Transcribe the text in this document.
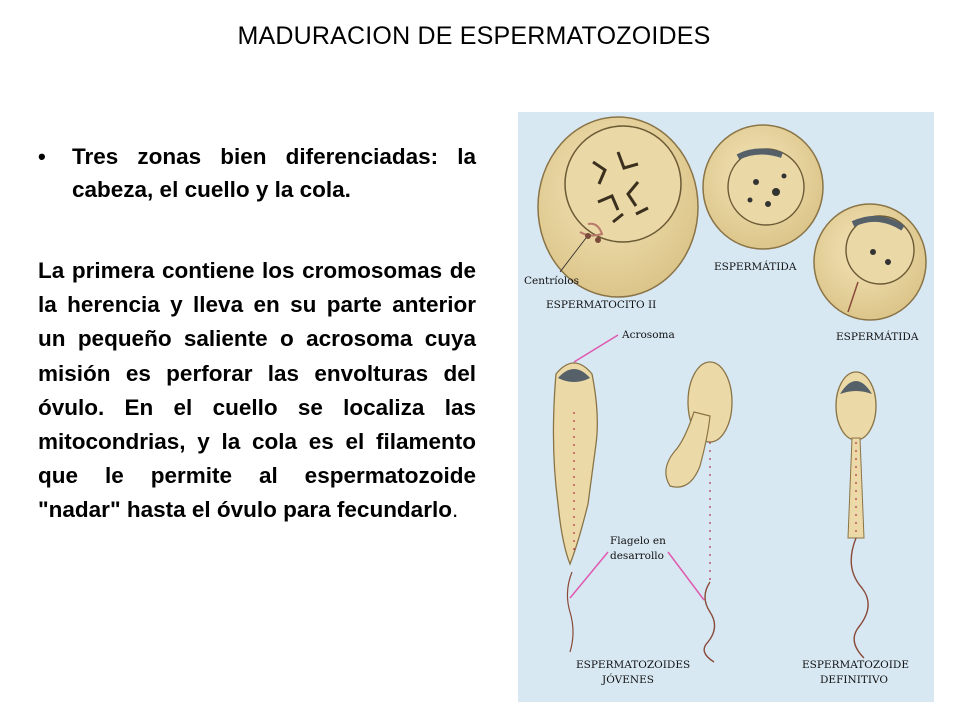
MADURACION DE ESPERMATOZOIDES
• Tres zonas bien diferenciadas: la cabeza, el cuello y la cola.
La primera contiene los cromosomas de la herencia y lleva en su parte anterior un pequeño saliente o acrosoma cuya misión es perforar las envolturas del óvulo. En el cuello se localiza las mitocondrias, y la cola es el filamento que le permite al espermatozoide "nadar" hasta el óvulo para fecundarlo.
ESPERMÁTIDA
ESPERMÁTIDA
Centríolos
ESPERMATOCITO II
Acrosoma
Flagelo en
desarrollo
ESPERMATOZOIDES
JÓVENES
ESPERMATOZOIDE
DEFINITIVO
